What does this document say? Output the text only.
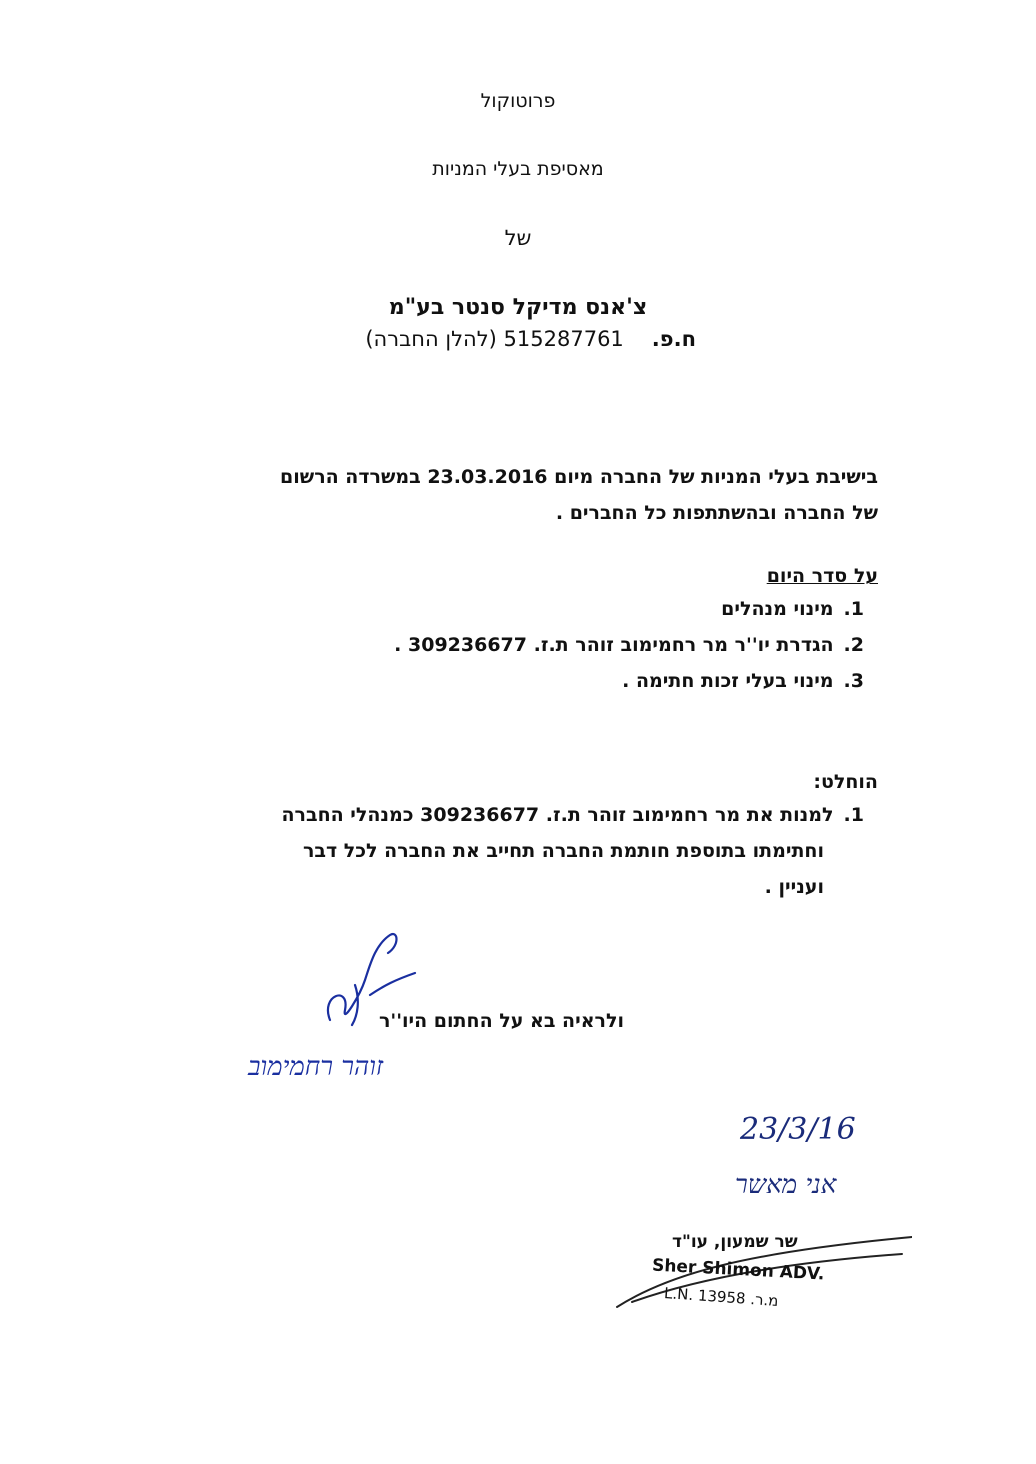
פרוטוקול
מאסיפת בעלי המניות
של
צ'אנס מדיקל סנטר בע"מ
ח.פ.515287761 (להלן החברה)
בישיבת בעלי המניות של החברה מיום 23.03.2016 במשרדה הרשום
של החברה ובהשתתפות כל החברים .
על סדר היום
1.מינוי מנהלים
2.הגדרת יו''ר מר רחמימוב זוהר ת.ז. 309236677 .
3.מינוי בעלי זכות חתימה .
הוחלט:
1.למנות את מר רחמימוב זוהר ת.ז. 309236677 כמנהלי החברה
וחתימתו בתוספת חותמת החברה תחייב את החברה לכל דבר
ועניין .
ולראיה בא על החתום היו''ר
זוהר רחמימוב
23/3/16
אני מאשר
שר שמעון, עו"ד
Sher Shimon ADV.
L.N. 13958 .מ.ר
